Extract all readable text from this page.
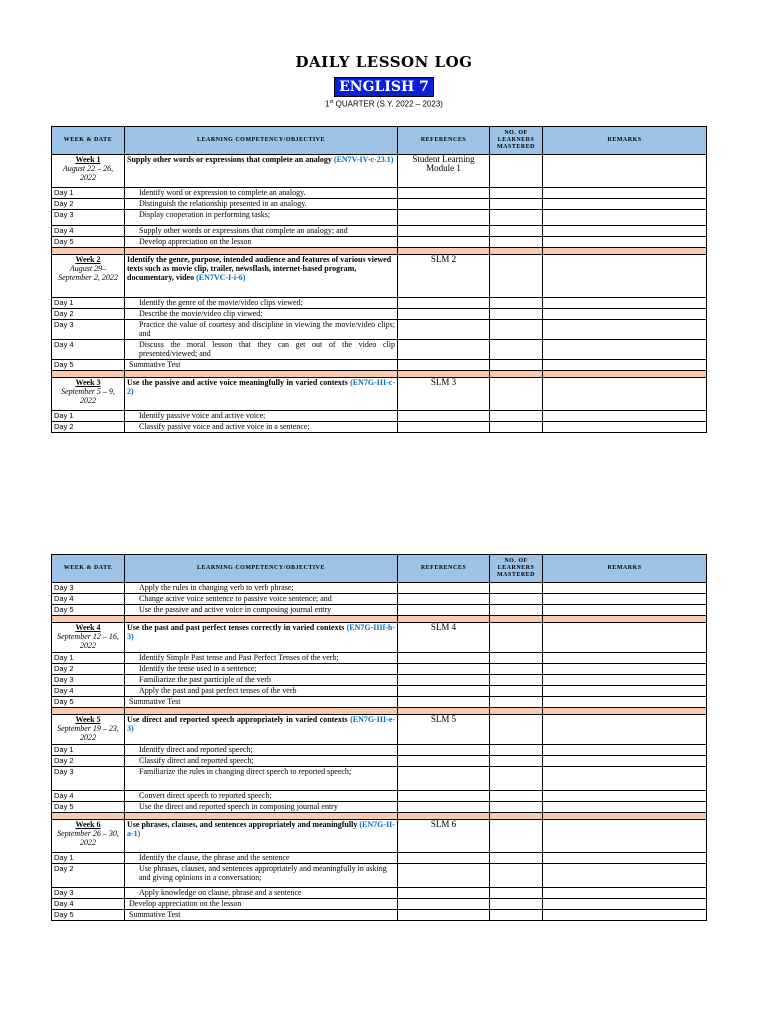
DAILY LESSON LOG
ENGLISH 7
1st QUARTER (S.Y. 2022 – 2023)
WEEK & DATE	LEARNING COMPETENCY/OBJECTIVE	REFERENCES	NO. OF LEARNERS MASTERED	REMARKS
Week 1
August 22 – 26, 2022	Supply other words or expressions that complete an analogy (EN7V-IV-c-23.1)	Student Learning Module 1		
Day 1	Identify word or expression to complete an analogy.			
Day 2	Distinguish the relationship presented in an analogy.			
Day 3	Display cooperation in performing tasks;			
Day 4	Supply other words or expressions that complete an analogy; and			
Day 5	Develop appreciation on the lesson			

Week 2
August 29– September 2, 2022	Identify the genre, purpose, intended audience and features of various viewed texts such as movie clip, trailer, newsflash, internet-based program, documentary, video (EN7VC-I-i-6)	SLM 2		
Day 1	Identify the genre of the movie/video clips viewed;			
Day 2	Describe the movie/video clip viewed;			
Day 3	Practice the value of courtesy and discipline in viewing the movie/video clips; and			
Day 4	Discuss the moral lesson that they can get out of the video clip presented/viewed; and			
Day 5	Summative Test			

Week 3
September 5 – 9, 2022	Use the passive and active voice meaningfully in varied contexts (EN7G-III-c-2)	SLM 3		
Day 1	Identify passive voice and active voice;			
Day 2	Classify passive voice and active voice in a sentence;			
WEEK & DATE	LEARNING COMPETENCY/OBJECTIVE	REFERENCES	NO. OF LEARNERS MASTERED	REMARKS
Day 3	Apply the rules in changing verb to verb phrase;			
Day 4	Change active voice sentence to passive voice sentence; and			
Day 5	Use the passive and active voice in composing journal entry			

Week 4
September 12 – 16, 2022	Use the past and past perfect tenses correctly in varied contexts (EN7G-IIIf-h-3)	SLM 4		
Day 1	Identify Simple Past tense and Past Perfect Tenses of the verb;			
Day 2	Identify the tense used in a sentence;			
Day 3	Familiarize the past participle of the verb			
Day 4	Apply the past and past perfect tenses of the verb			
Day 5	Summative Test			

Week 5
September 19 – 23, 2022	Use direct and reported speech appropriately in varied contexts (EN7G-III-e-3)	SLM 5		
Day 1	Identify direct and reported speech;			
Day 2	Classify direct and reported speech;			
Day 3	Familiarize the rules in changing direct speech to reported speech;			
Day 4	Convert direct speech to reported speech;			
Day 5	Use the direct and reported speech in composing journal entry			

Week 6
September 26 – 30, 2022	Use phrases, clauses, and sentences appropriately and meaningfully (EN7G-II-a-1)	SLM 6		
Day 1	Identify the clause, the phrase and the sentence			
Day 2	Use phrases, clauses, and sentences appropriately and meaningfully in asking and giving opinions in a conversation;			
Day 3	Apply knowledge on clause, phrase and a sentence			
Day 4	Develop appreciation on the lesson			
Day 5	Summative Test			
